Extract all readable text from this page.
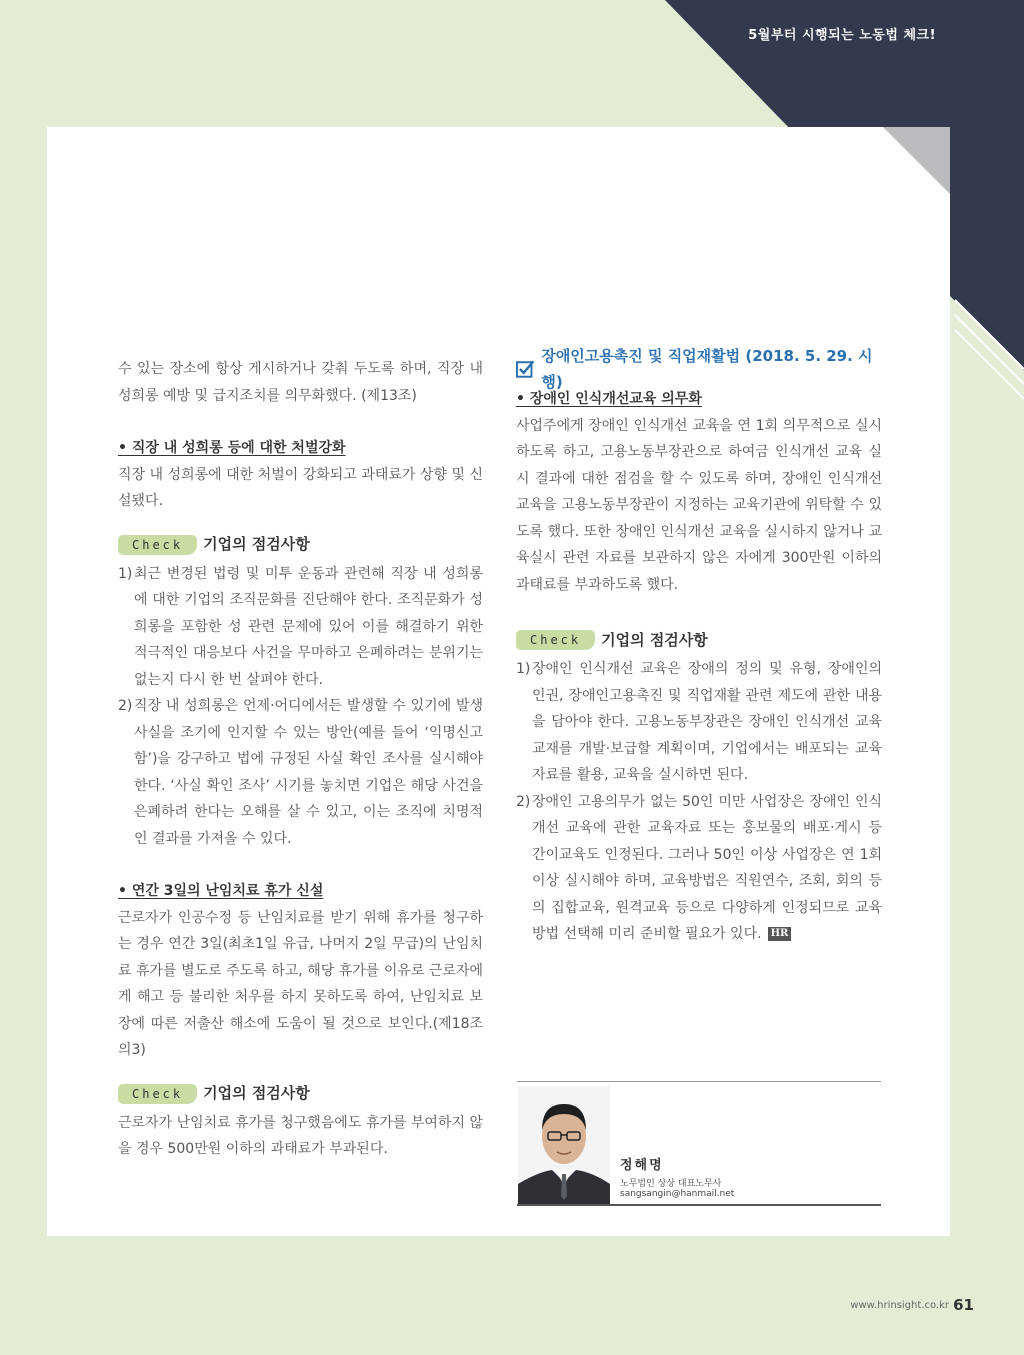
5월부터 시행되는 노동법 체크!

수 있는 장소에 항상 게시하거나 갖춰 두도록 하며, 직장 내 성희롱 예방 및 급지조치를 의무화했다. (제13조)

• 직장 내 성희롱 등에 대한 처벌강화

직장 내 성희롱에 대한 처벌이 강화되고 과태료가 상향 및 신설됐다.

Check	기업의 점검사항
1) 최근 변경된 법령 및 미투 운동과 관련해 직장 내 성희롱에 대한 기업의 조직문화를 진단해야 한다. 조직문화가 성희롱을 포함한 성 관련 문제에 있어 이를 해결하기 위한 적극적인 대응보다 사건을 무마하고 은폐하려는 분위기는 없는지 다시 한 번 살펴야 한다.
2) 직장 내 성희롱은 언제·어디에서든 발생할 수 있기에 발생사실을 조기에 인지할 수 있는 방안(예를 들어 ‘익명신고함’)을 강구하고 법에 규정된 사실 확인 조사를 실시해야 한다. ‘사실 확인 조사’ 시기를 놓치면 기업은 해당 사건을 은폐하려 한다는 오해를 살 수 있고, 이는 조직에 치명적인 결과를 가져올 수 있다.

• 연간 3일의 난임치료 휴가 신설

근로자가 인공수정 등 난임치료를 받기 위해 휴가를 청구하는 경우 연간 3일(최초1일 유급, 나머지 2일 무급)의 난임치료 휴가를 별도로 주도록 하고, 해당 휴가를 이유로 근로자에게 해고 등 불리한 처우를 하지 못하도록 하여, 난임치료 보장에 따른 저출산 해소에 도움이 될 것으로 보인다.(제18조의3)

Check	기업의 점검사항

근로자가 난임치료 휴가를 청구했음에도 휴가를 부여하지 않을 경우 500만원 이하의 과태료가 부과된다.

장애인고용촉진 및 직업재활법 (2018. 5. 29. 시행)

• 장애인 인식개선교육 의무화

사업주에게 장애인 인식개선 교육을 연 1회 의무적으로 실시하도록 하고, 고용노동부장관으로 하여금 인식개선 교육 실시 결과에 대한 점검을 할 수 있도록 하며, 장애인 인식개선 교육을 고용노동부장관이 지정하는 교육기관에 위탁할 수 있도록 했다. 또한 장애인 인식개선 교육을 실시하지 않거나 교육실시 관련 자료를 보관하지 않은 자에게 300만원 이하의 과태료를 부과하도록 했다.

Check	기업의 점검사항
1) 장애인 인식개선 교육은 장애의 정의 및 유형, 장애인의 인권, 장애인고용촉진 및 직업재활 관련 제도에 관한 내용을 담아야 한다. 고용노동부장관은 장애인 인식개선 교육 교재를 개발·보급할 계획이며, 기업에서는 배포되는 교육 자료를 활용, 교육을 실시하면 된다.
2) 장애인 고용의무가 없는 50인 미만 사업장은 장애인 인식개선 교육에 관한 교육자료 또는 홍보물의 배포·게시 등 간이교육도 인정된다. 그러나 50인 이상 사업장은 연 1회 이상 실시해야 하며, 교육방법은 직원연수, 조회, 회의 등의 집합교육, 원격교육 등으로 다양하게 인정되므로 교육방법 선택해 미리 준비할 필요가 있다. HR
정해명
노무법인 상상 대표노무사
sangsangin@hanmail.net
www.hrinsight.co.kr 61
